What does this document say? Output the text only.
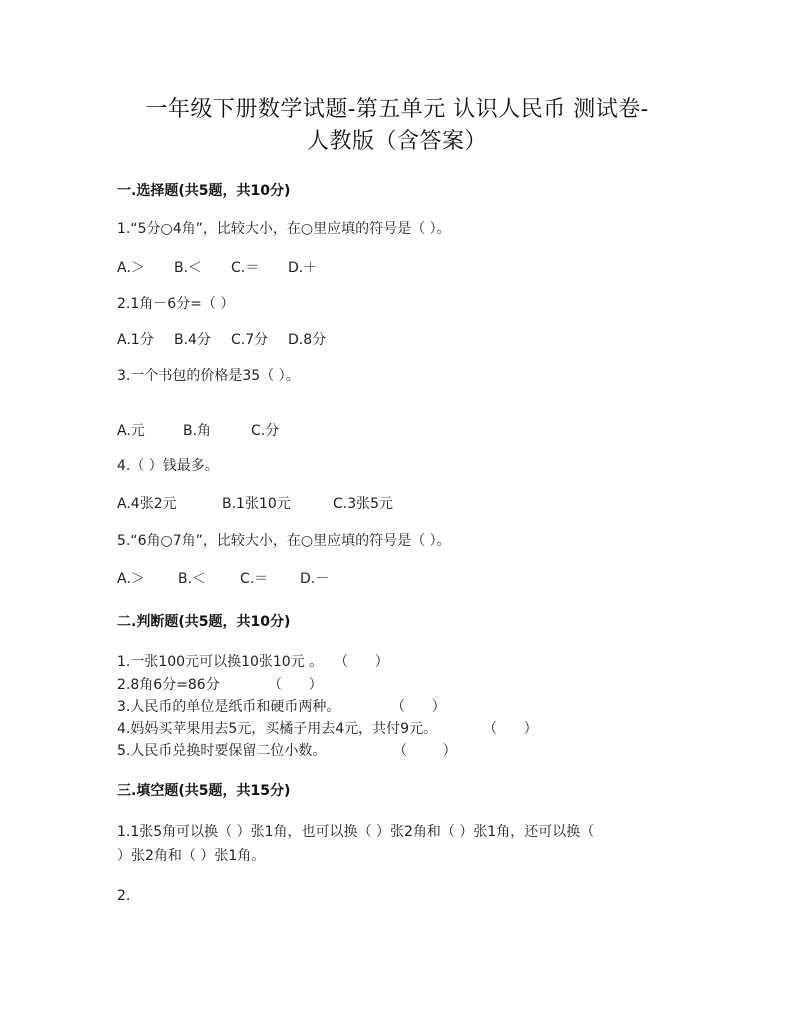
一年级下册数学试题-第五单元 认识人民币 测试卷-
人教版（含答案）
一.选择题(共5题，共10分)
1.“5分○4角”，比较大小，在○里应填的符号是（ ）。
A.＞ B.＜ C.＝ D.＋
2.1角－6分=（ ）
A.1分 B.4分 C.7分 D.8分
3.一个书包的价格是35（ ）。
A.元	B.角	C.分
4.（ ）钱最多。
A.4张2元	B.1张10元	C.3张5元
5.“6角○7角”，比较大小，在○里应填的符号是（ ）。
A.＞ B.＜ C.＝ D.－
二.判断题(共5题，共10分)
1.一张100元可以换10张10元 。 （      ）
2.8角6分=86分	（      ）
3.人民币的单位是纸币和硬币两种。	（      ）
4.妈妈买苹果用去5元，买橘子用去4元，共付9元。	（      ）
5.人民币兑换时要保留二位小数。	（        ）
三.填空题(共5题，共15分)
1.1张5角可以换（ ）张1角，也可以换（ ）张2角和（ ）张1角，还可以换（
）张2角和（ ）张1角。
2.
